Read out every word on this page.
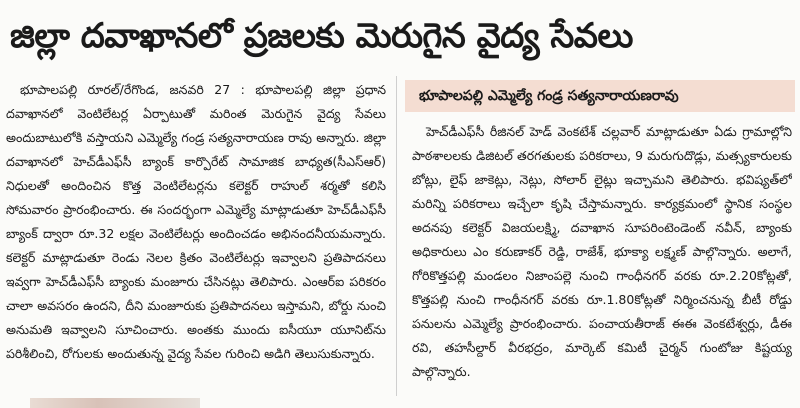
జిల్లా దవాఖానలో ప్రజలకు మెరుగైన వైద్య సేవలు

భూపాలపల్లి రూరల్/రేగొండ, జనవరి 27 : భూపాలపల్లి జిల్లా ప్రధాన దవాఖానలో వెంటిలేటర్ల ఏర్పాటుతో మరింత మెరుగైన వైద్య సేవలు అందుబాటులోకి వస్తాయని ఎమ్మెల్యే గండ్ర సత్యనారాయణ రావు అన్నారు. జిల్లా దవాఖానలో హెచ్‌డీఎఫ్‌సీ బ్యాంక్ కార్పొరేట్ సామాజిక బాధ్యత(సీఎస్‌ఆర్) నిధులతో అందించిన కొత్త వెంటిలేటర్లను కలెక్టర్ రాహుల్ శర్మతో కలిసి సోమవారం ప్రారంభించారు. ఈ సందర్భంగా ఎమ్మెల్యే మాట్లాడుతూ హెచ్‌డీఎఫ్‌సీ బ్యాంక్ ద్వారా రూ.32 లక్షల వెంటిలేటర్లు అందించడం అభినందనీయమన్నారు. కలెక్టర్ మాట్లాడుతూ రెండు నెలల క్రితం వెంటిలేటర్లు ఇవ్వాలని ప్రతిపాదనలు ఇవ్వగా హెచ్‌డీఎఫ్‌సీ బ్యాంకు మంజూరు చేసినట్లు తెలిపారు. ఎంఆర్‌ఐ పరికరం చాలా అవసరం ఉందని, దీని మంజూరుకు ప్రతిపాదనలు ఇస్తామని, బోర్డు నుంచి అనుమతి ఇవ్వాలని సూచించారు. అంతకు ముందు ఐసీయూ యూనిట్‌ను పరిశీలించి, రోగులకు అందుతున్న వైద్య సేవల గురించి అడిగి తెలుసుకున్నారు.

భూపాలపల్లి ఎమ్మెల్యే గండ్ర సత్యనారాయణరావు

హెచ్‌డీఎఫ్‌సీ రీజినల్ హెడ్ వెంకటేశ్ చల్లవార్ మాట్లాడుతూ ఏడు గ్రామాల్లోని పాఠశాలలకు డిజిటల్ తరగతులకు పరికరాలు, 9 మరుగుదొడ్లు, మత్స్యకారులకు బోట్లు, లైఫ్ జాకెట్లు, నెట్లు, సోలార్ లైట్లు ఇచ్చామని తెలిపారు. భవిష్యత్‌లో మరిన్ని పరికరాలు ఇచ్చేలా కృషి చేస్తామన్నారు. కార్యక్రమంలో స్థానిక సంస్థల అదనపు కలెక్టర్ విజయలక్ష్మి, దవాఖాన సూపరింటెండెంట్ నవీన్, బ్యాంకు అధికారులు ఎం కరుణాకర్ రెడ్డి, రాజేశ్, భూక్యా లక్ష్మణ్ పాల్గొన్నారు. అలాగే, గోరికొత్తపల్లి మండలం నిజాంపల్లె నుంచి గాంధీనగర్ వరకు రూ.2.20కోట్లతో, కొత్తపల్లి నుంచి గాంధీనగర్ వరకు రూ.1.80కోట్లతో నిర్మించనున్న బీటీ రోడ్డు పనులను ఎమ్మెల్యే ప్రారంభించారు. పంచాయతీరాజ్ ఈఈ వెంకటేశ్వర్లు, డీఈ రవి, తహసీల్దార్ వీరభద్రం, మార్కెట్ కమిటీ చైర్మన్ గుంటోజు కిష్టయ్య పాల్గొన్నారు.
